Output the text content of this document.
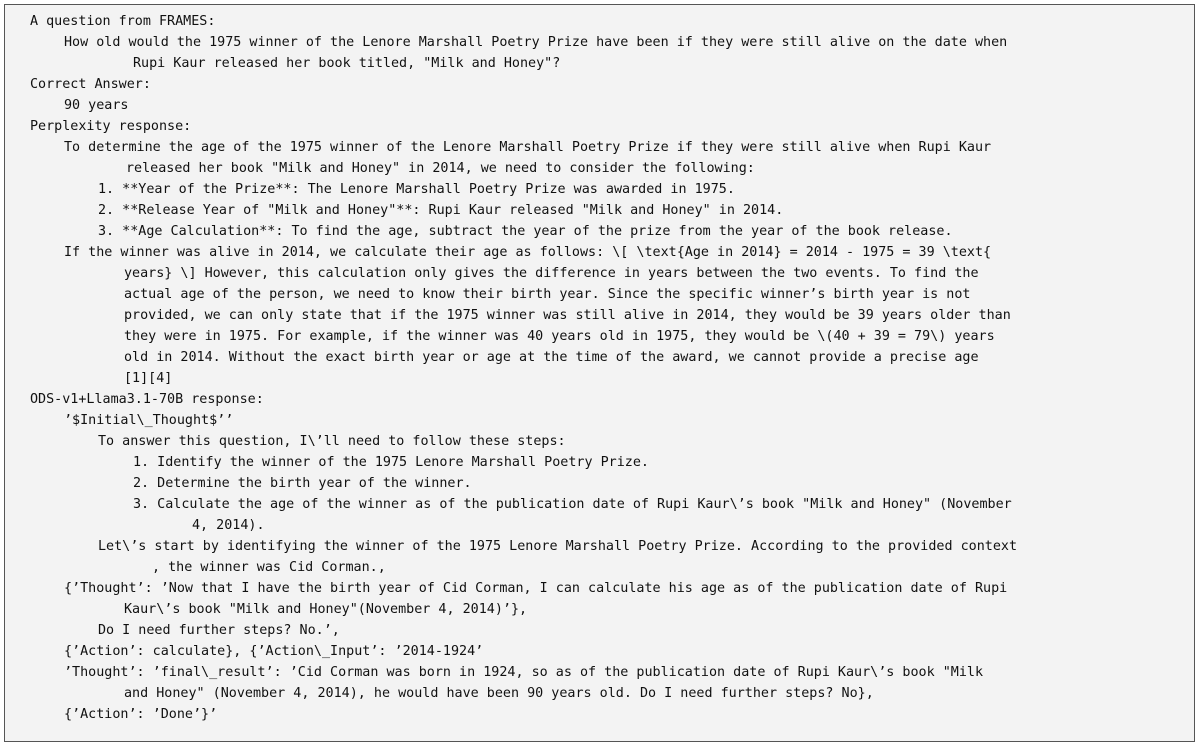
A question from FRAMES:
How old would the 1975 winner of the Lenore Marshall Poetry Prize have been if they were still alive on the date when
Rupi Kaur released her book titled, "Milk and Honey"?
Correct Answer:
90 years
Perplexity response:
To determine the age of the 1975 winner of the Lenore Marshall Poetry Prize if they were still alive when Rupi Kaur
released her book "Milk and Honey" in 2014, we need to consider the following:
1. **Year of the Prize**: The Lenore Marshall Poetry Prize was awarded in 1975.
2. **Release Year of "Milk and Honey"**: Rupi Kaur released "Milk and Honey" in 2014.
3. **Age Calculation**: To find the age, subtract the year of the prize from the year of the book release.
If the winner was alive in 2014, we calculate their age as follows: \[ \text{Age in 2014} = 2014 - 1975 = 39 \text{
years} \] However, this calculation only gives the difference in years between the two events. To find the
actual age of the person, we need to know their birth year. Since the specific winner’s birth year is not
provided, we can only state that if the 1975 winner was still alive in 2014, they would be 39 years older than
they were in 1975. For example, if the winner was 40 years old in 1975, they would be \(40 + 39 = 79\) years
old in 2014. Without the exact birth year or age at the time of the award, we cannot provide a precise age
[1][4]
ODS-v1+Llama3.1-70B response:
’$Initial\_Thought$’’
To answer this question, I\’ll need to follow these steps:
1. Identify the winner of the 1975 Lenore Marshall Poetry Prize.
2. Determine the birth year of the winner.
3. Calculate the age of the winner as of the publication date of Rupi Kaur\’s book "Milk and Honey" (November
4, 2014).
Let\’s start by identifying the winner of the 1975 Lenore Marshall Poetry Prize. According to the provided context
, the winner was Cid Corman.,
{’Thought’: ’Now that I have the birth year of Cid Corman, I can calculate his age as of the publication date of Rupi
Kaur\’s book "Milk and Honey"(November 4, 2014)’},
Do I need further steps? No.’,
{’Action’: calculate}, {’Action\_Input’: ’2014-1924’
’Thought’: ’final\_result’: ’Cid Corman was born in 1924, so as of the publication date of Rupi Kaur\’s book "Milk
and Honey" (November 4, 2014), he would have been 90 years old. Do I need further steps? No},
{’Action’: ’Done’}’
